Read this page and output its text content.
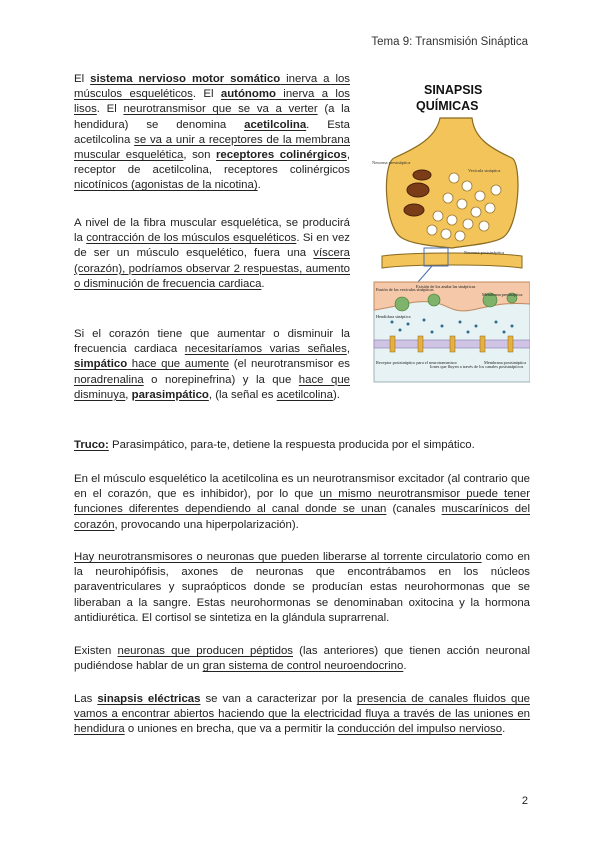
Tema 9: Transmisión Sináptica

El sistema nervioso motor somático inerva a los músculos esqueléticos. El autónomo inerva a los lisos. El neurotransmisor que se va a verter (a la hendidura) se denomina acetilcolina. Esta acetilcolina se va a unir a receptores de la membrana muscular esquelética, son receptores colinérgicos, receptor de acetilcolina, receptores colinérgicos nicotínicos (agonistas de la nicotina).

A nivel de la fibra muscular esquelética, se producirá la contracción de los músculos esqueléticos. Si en vez de ser un músculo esquelético, fuera una víscera (corazón), podríamos observar 2 respuestas, aumento o disminución de frecuencia cardiaca.

Si el corazón tiene que aumentar o disminuir la frecuencia cardiaca necesitaríamos varias señales, simpático hace que aumente (el neurotransmisor es noradrenalina o norepinefrina) y la que hace que disminuya, parasimpático, (la señal es acetilcolina).

Truco: Parasimpático, para-te, detiene la respuesta producida por el simpático.

En el músculo esquelético la acetilcolina es un neurotransmisor excitador (al contrario que en el corazón, que es inhibidor), por lo que un mismo neurotransmisor puede tener funciones diferentes dependiendo al canal donde se unan (canales muscarínicos del corazón, provocando una hiperpolarización).

Hay neurotransmisores o neuronas que pueden liberarse al torrente circulatorio como en la neurohipófisis, axones de neuronas que encontrábamos en los núcleos paraventriculares y supraópticos donde se producían estas neurohormonas que se liberaban a la sangre. Estas neurohormonas se denominaban oxitocina y la hormona antidiurética. El cortisol se sintetiza en la glándula suprarrenal.

Existen neuronas que producen péptidos (las anteriores) que tienen acción neuronal pudiéndose hablar de un gran sistema de control neuroendocrino.

Las sinapsis eléctricas se van a caracterizar por la presencia de canales fluidos que vamos a encontrar abiertos haciendo que la electricidad fluya a través de las uniones en hendidura o uniones en brecha, que va a permitir la conducción del impulso nervioso.

SINAPSIS
QUÍMICAS
Neurona presináptica
Vesícula sináptica
Neurona postsináptica
Fusión de las vesículas sinápticas
Exisión de los anaba las sinápticas
Membrana presináptica
Hendidura sináptica
Receptor postsináptico para el neurotransmisor
Iones que fluyen a través de los canales postsinápticos
Membrana postsináptica
2
